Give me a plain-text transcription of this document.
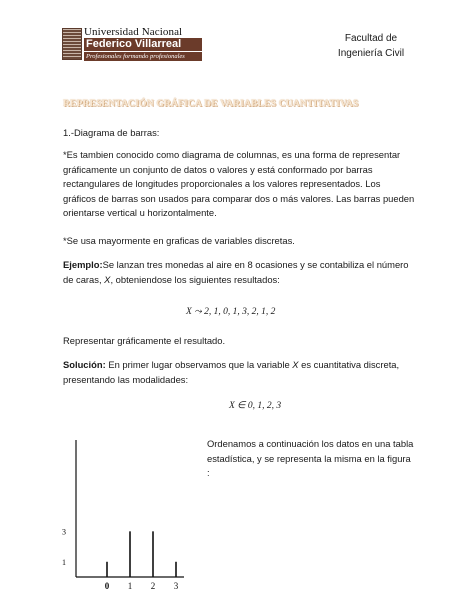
Universidad Nacional
Federico Villarreal
Profesionales formando profesionales
Facultad de
Ingeniería Civil
REPRESENTACIÓN GRÁFICA DE VARIABLES CUANTITATIVAS

1.-Diagrama de barras:

*Es tambien conocido como diagrama de columnas, es una forma de representar gráficamente un conjunto de datos o valores y está conformado por barras rectangulares de longitudes proporcionales a los valores representados. Los gráficos de barras son usados para comparar dos o más valores. Las barras pueden orientarse vertical u horizontalmente.

*Se usa mayormente en graficas de variables discretas.

Ejemplo:Se lanzan tres monedas al aire en 8 ocasiones y se contabiliza el número de caras, X, obteniendose los siguientes resultados:

X ⤳ 2, 1, 0, 1, 3, 2, 1, 2

Representar gráficamente el resultado.

Solución: En primer lugar observamos que la variable X es cuantitativa discreta, presentando las modalidades:

X ∈ 0, 1, 2, 3

Ordenamos a continuación los datos en una tabla estadística, y se representa la misma en la figura :

0 1 2 3
1
3
